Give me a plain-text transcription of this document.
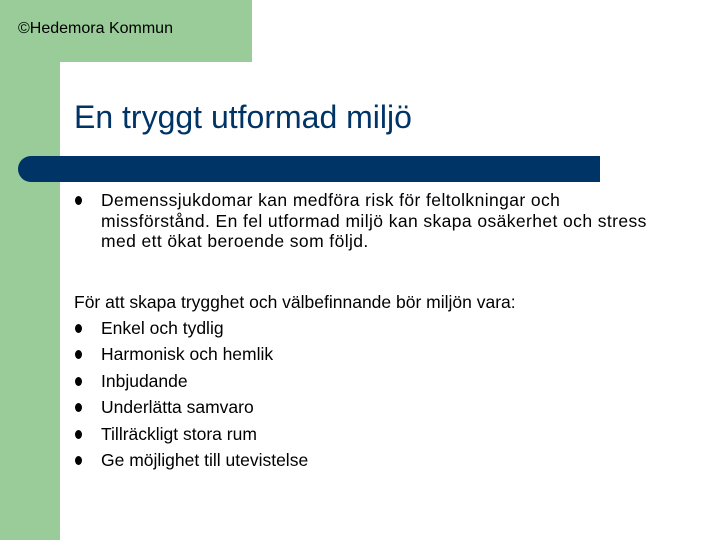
©Hedemora Kommun
En tryggt utformad miljö
Demenssjukdomar kan medföra risk för feltolkningar och missförstånd. En fel utformad miljö kan skapa osäkerhet och stress med ett ökat beroende som följd.
För att skapa trygghet och välbefinnande bör miljön vara:
Enkel och tydlig
Harmonisk och hemlik
Inbjudande
Underlätta samvaro
Tillräckligt stora rum
Ge möjlighet till utevistelse
